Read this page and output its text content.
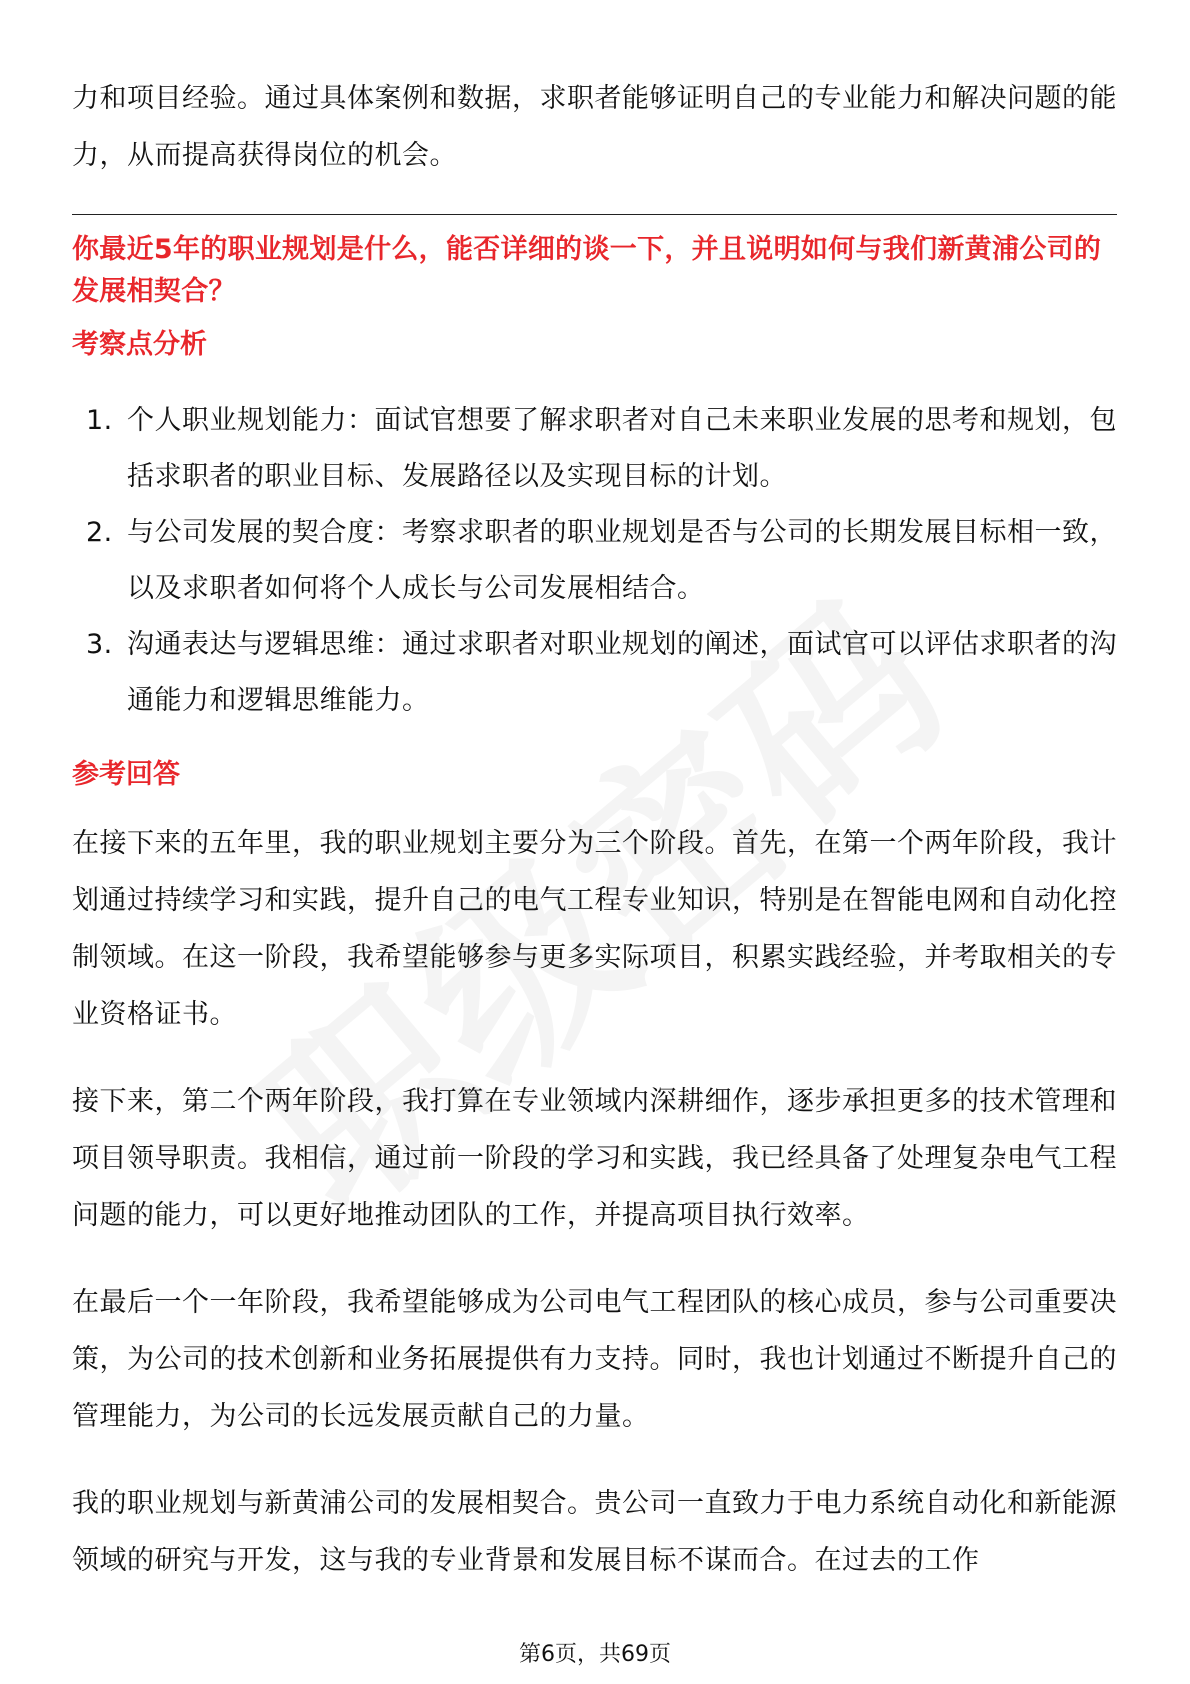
力和项目经验。通过具体案例和数据，求职者能够证明自己的专业能力和解决问题的能力，从而提高获得岗位的机会。

你最近5年的职业规划是什么，能否详细的谈一下，并且说明如何与我们新黄浦公司的发展相契合？

考察点分析
1. 个人职业规划能力：面试官想要了解求职者对自己未来职业发展的思考和规划，包括求职者的职业目标、发展路径以及实现目标的计划。
2. 与公司发展的契合度：考察求职者的职业规划是否与公司的长期发展目标相一致，以及求职者如何将个人成长与公司发展相结合。
3. 沟通表达与逻辑思维：通过求职者对职业规划的阐述，面试官可以评估求职者的沟通能力和逻辑思维能力。
参考回答

在接下来的五年里，我的职业规划主要分为三个阶段。首先，在第一个两年阶段，我计划通过持续学习和实践，提升自己的电气工程专业知识，特别是在智能电网和自动化控制领域。在这一阶段，我希望能够参与更多实际项目，积累实践经验，并考取相关的专业资格证书。

接下来，第二个两年阶段，我打算在专业领域内深耕细作，逐步承担更多的技术管理和项目领导职责。我相信，通过前一阶段的学习和实践，我已经具备了处理复杂电气工程问题的能力，可以更好地推动团队的工作，并提高项目执行效率。

在最后一个一年阶段，我希望能够成为公司电气工程团队的核心成员，参与公司重要决策，为公司的技术创新和业务拓展提供有力支持。同时，我也计划通过不断提升自己的管理能力，为公司的长远发展贡献自己的力量。

我的职业规划与新黄浦公司的发展相契合。贵公司一直致力于电力系统自动化和新能源领域的研究与开发，这与我的专业背景和发展目标不谋而合。在过去的工作

第6页，共69页
